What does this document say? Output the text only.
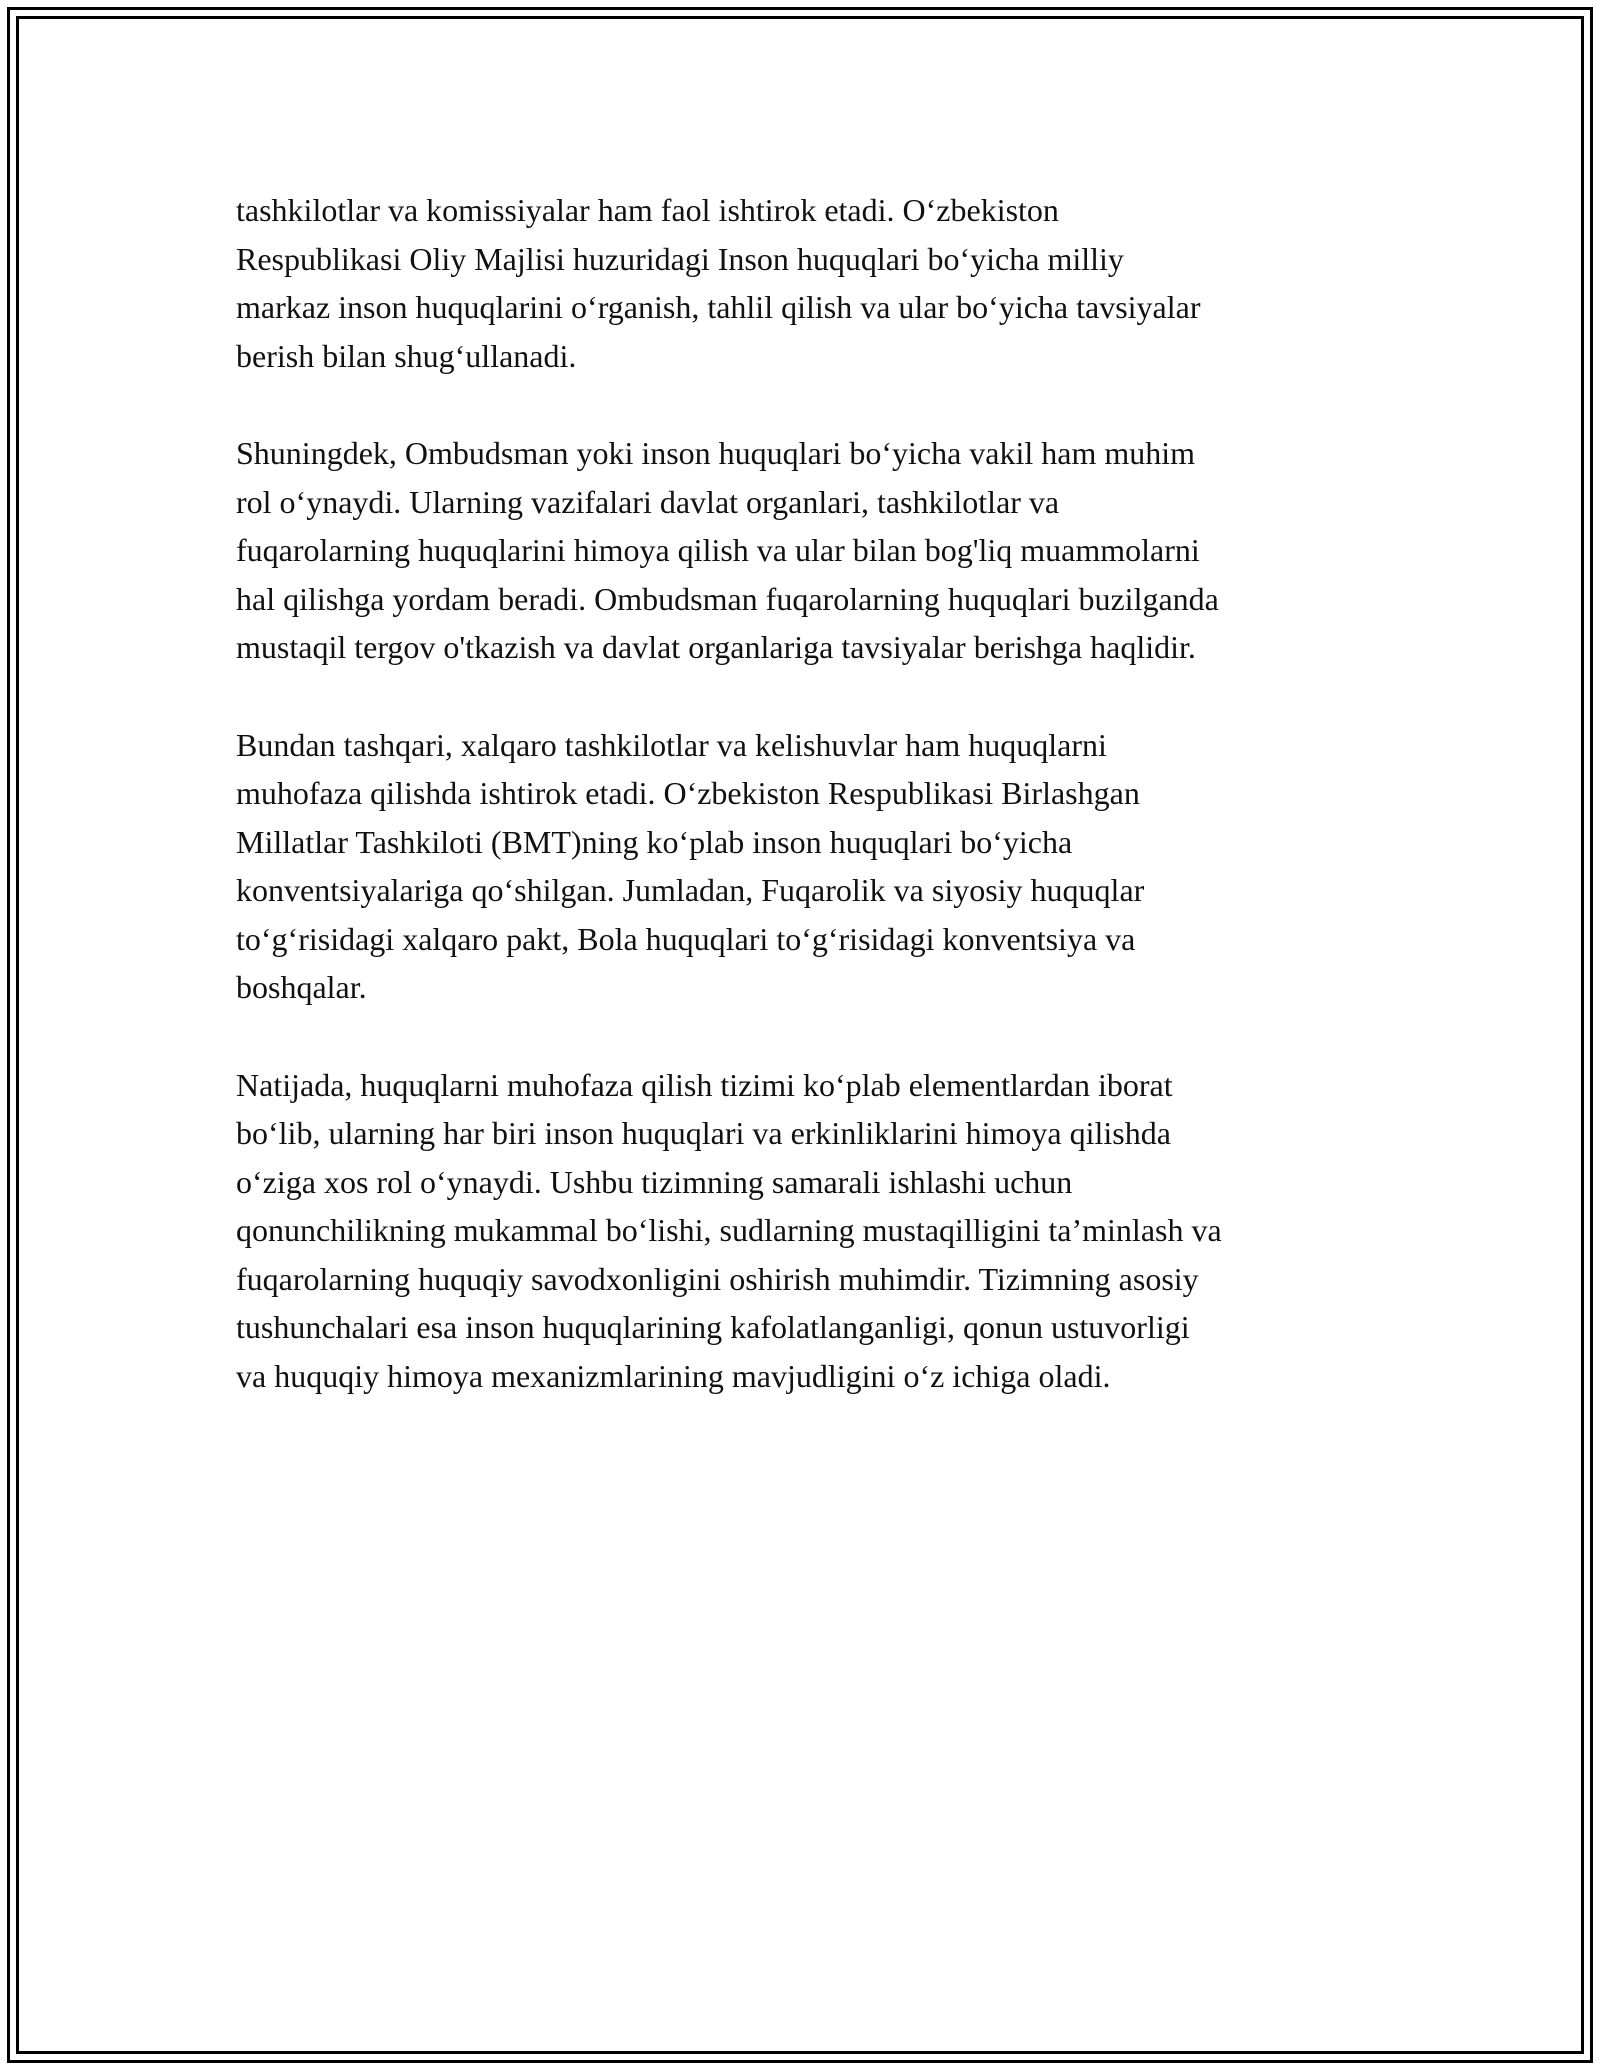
tashkilotlar va komissiyalar ham faol ishtirok etadi. O‘zbekiston
Respublikasi Oliy Majlisi huzuridagi Inson huquqlari bo‘yicha milliy
markaz inson huquqlarini o‘rganish, tahlil qilish va ular bo‘yicha tavsiyalar
berish bilan shug‘ullanadi.

Shuningdek, Ombudsman yoki inson huquqlari bo‘yicha vakil ham muhim
rol o‘ynaydi. Ularning vazifalari davlat organlari, tashkilotlar va
fuqarolarning huquqlarini himoya qilish va ular bilan bog'liq muammolarni
hal qilishga yordam beradi. Ombudsman fuqarolarning huquqlari buzilganda
mustaqil tergov o'tkazish va davlat organlariga tavsiyalar berishga haqlidir.

Bundan tashqari, xalqaro tashkilotlar va kelishuvlar ham huquqlarni
muhofaza qilishda ishtirok etadi. O‘zbekiston Respublikasi Birlashgan
Millatlar Tashkiloti (BMT)ning ko‘plab inson huquqlari bo‘yicha
konventsiyalariga qo‘shilgan. Jumladan, Fuqarolik va siyosiy huquqlar
to‘g‘risidagi xalqaro pakt, Bola huquqlari to‘g‘risidagi konventsiya va
boshqalar.

Natijada, huquqlarni muhofaza qilish tizimi ko‘plab elementlardan iborat
bo‘lib, ularning har biri inson huquqlari va erkinliklarini himoya qilishda
o‘ziga xos rol o‘ynaydi. Ushbu tizimning samarali ishlashi uchun
qonunchilikning mukammal bo‘lishi, sudlarning mustaqilligini ta’minlash va
fuqarolarning huquqiy savodxonligini oshirish muhimdir. Tizimning asosiy
tushunchalari esa inson huquqlarining kafolatlanganligi, qonun ustuvorligi
va huquqiy himoya mexanizmlarining mavjudligini o‘z ichiga oladi.
